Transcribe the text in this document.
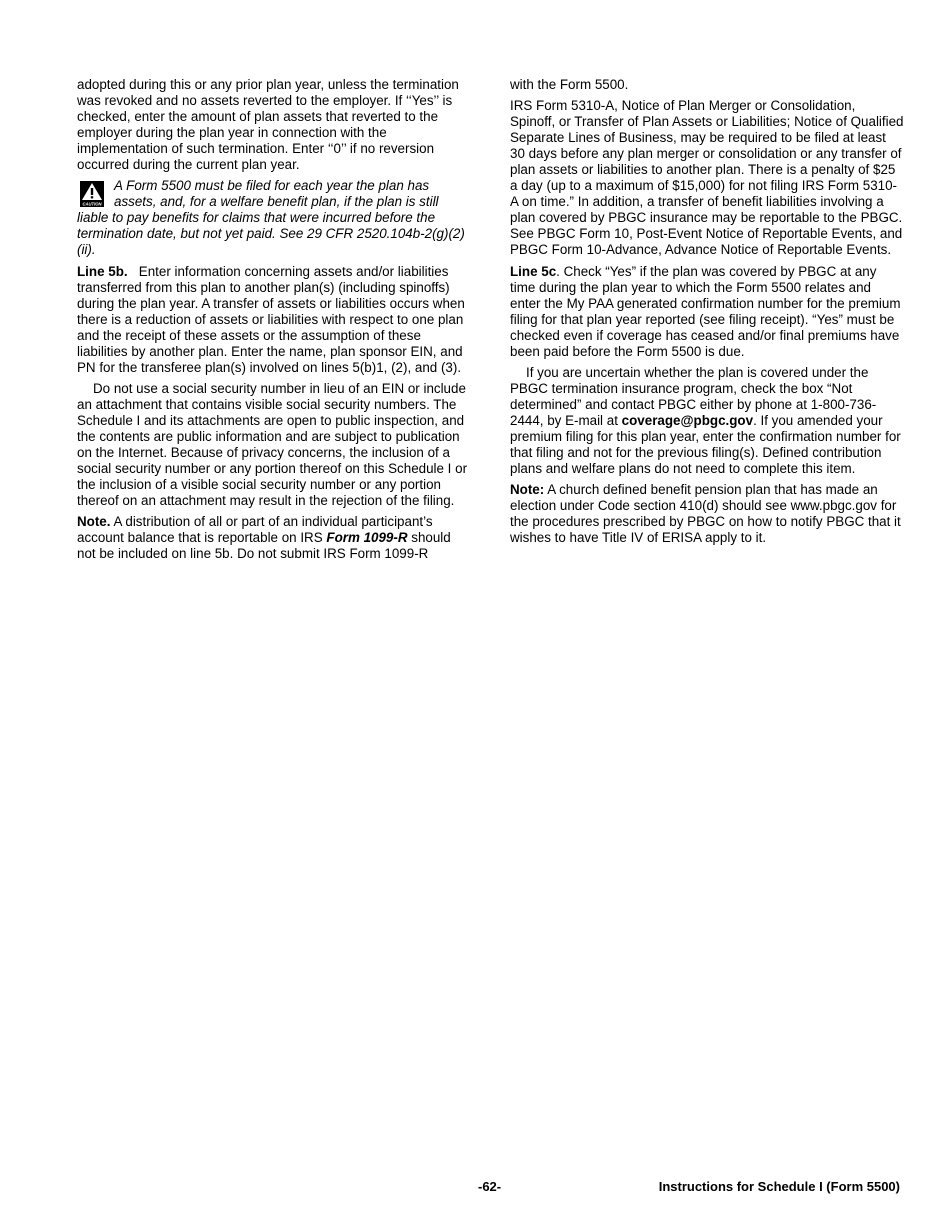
adopted during this or any prior plan year, unless the termination was revoked and no assets reverted to the employer. If ‘‘Yes’’ is checked, enter the amount of plan assets that reverted to the employer during the plan year in connection with the implementation of such termination. Enter ‘‘0’’ if no reversion occurred during the current plan year.

CAUTION
A Form 5500 must be filed for each year the plan has assets, and, for a welfare benefit plan, if the plan is still liable to pay benefits for claims that were incurred before the termination date, but not yet paid. See 29 CFR 2520.104b-2(g)(2)(ii).

Line 5b. Enter information concerning assets and/or liabilities transferred from this plan to another plan(s) (including spinoffs) during the plan year. A transfer of assets or liabilities occurs when there is a reduction of assets or liabilities with respect to one plan and the receipt of these assets or the assumption of these liabilities by another plan. Enter the name, plan sponsor EIN, and PN for the transferee plan(s) involved on lines 5(b)1, (2), and (3).

Do not use a social security number in lieu of an EIN or include an attachment that contains visible social security numbers. The Schedule I and its attachments are open to public inspection, and the contents are public information and are subject to publication on the Internet. Because of privacy concerns, the inclusion of a social security number or any portion thereof on this Schedule I or the inclusion of a visible social security number or any portion thereof on an attachment may result in the rejection of the filing.

Note. A distribution of all or part of an individual participant’s account balance that is reportable on IRS Form 1099-R should not be included on line 5b. Do not submit IRS Form 1099-R

with the Form 5500.

IRS Form 5310-A, Notice of Plan Merger or Consolidation, Spinoff, or Transfer of Plan Assets or Liabilities; Notice of Qualified Separate Lines of Business, may be required to be filed at least 30 days before any plan merger or consolidation or any transfer of plan assets or liabilities to another plan. There is a penalty of $25 a day (up to a maximum of $15,000) for not filing IRS Form 5310-A on time.” In addition, a transfer of benefit liabilities involving a plan covered by PBGC insurance may be reportable to the PBGC. See PBGC Form 10, Post-Event Notice of Reportable Events, and PBGC Form 10-Advance, Advance Notice of Reportable Events.

Line 5c. Check “Yes” if the plan was covered by PBGC at any time during the plan year to which the Form 5500 relates and enter the My PAA generated confirmation number for the premium filing for that plan year reported (see filing receipt). “Yes” must be checked even if coverage has ceased and/or final premiums have been paid before the Form 5500 is due.

If you are uncertain whether the plan is covered under the PBGC termination insurance program, check the box “Not determined” and contact PBGC either by phone at 1-800-736-2444, by E-mail at coverage@pbgc.gov. If you amended your premium filing for this plan year, enter the confirmation number for that filing and not for the previous filing(s). Defined contribution plans and welfare plans do not need to complete this item.

Note: A church defined benefit pension plan that has made an election under Code section 410(d) should see www.pbgc.gov for the procedures prescribed by PBGC on how to notify PBGC that it wishes to have Title IV of ERISA apply to it.

-62-	Instructions for Schedule I (Form 5500)
